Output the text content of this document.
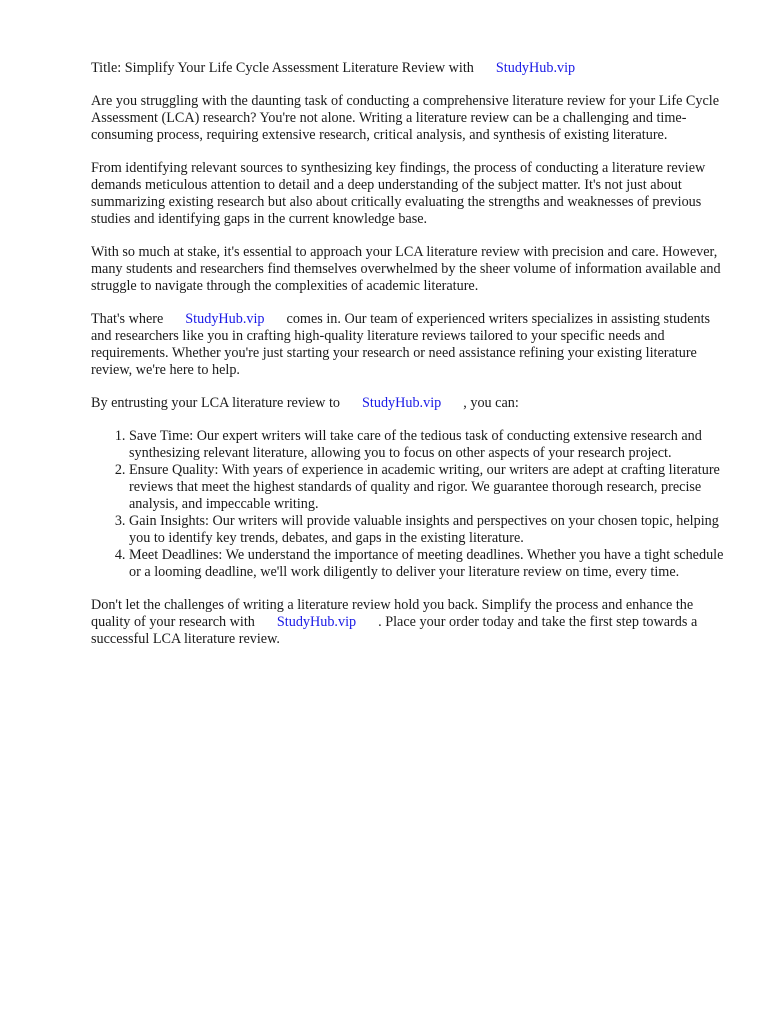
Title: Simplify Your Life Cycle Assessment Literature Review with StudyHub.vip

Are you struggling with the daunting task of conducting a comprehensive literature review for your Life Cycle Assessment (LCA) research? You're not alone. Writing a literature review can be a challenging and time-consuming process, requiring extensive research, critical analysis, and synthesis of existing literature.

From identifying relevant sources to synthesizing key findings, the process of conducting a literature review demands meticulous attention to detail and a deep understanding of the subject matter. It's not just about summarizing existing research but also about critically evaluating the strengths and weaknesses of previous studies and identifying gaps in the current knowledge base.

With so much at stake, it's essential to approach your LCA literature review with precision and care. However, many students and researchers find themselves overwhelmed by the sheer volume of information available and struggle to navigate through the complexities of academic literature.

That's where StudyHub.vip comes in. Our team of experienced writers specializes in assisting students and researchers like you in crafting high-quality literature reviews tailored to your specific needs and requirements. Whether you're just starting your research or need assistance refining your existing literature review, we're here to help.

By entrusting your LCA literature review to StudyHub.vip , you can:

1. Save Time: Our expert writers will take care of the tedious task of conducting extensive research and synthesizing relevant literature, allowing you to focus on other aspects of your research project.
2. Ensure Quality: With years of experience in academic writing, our writers are adept at crafting literature reviews that meet the highest standards of quality and rigor. We guarantee thorough research, precise analysis, and impeccable writing.
3. Gain Insights: Our writers will provide valuable insights and perspectives on your chosen topic, helping you to identify key trends, debates, and gaps in the existing literature.
4. Meet Deadlines: We understand the importance of meeting deadlines. Whether you have a tight schedule or a looming deadline, we'll work diligently to deliver your literature review on time, every time.

Don't let the challenges of writing a literature review hold you back. Simplify the process and enhance the quality of your research with StudyHub.vip . Place your order today and take the first step towards a successful LCA literature review.
